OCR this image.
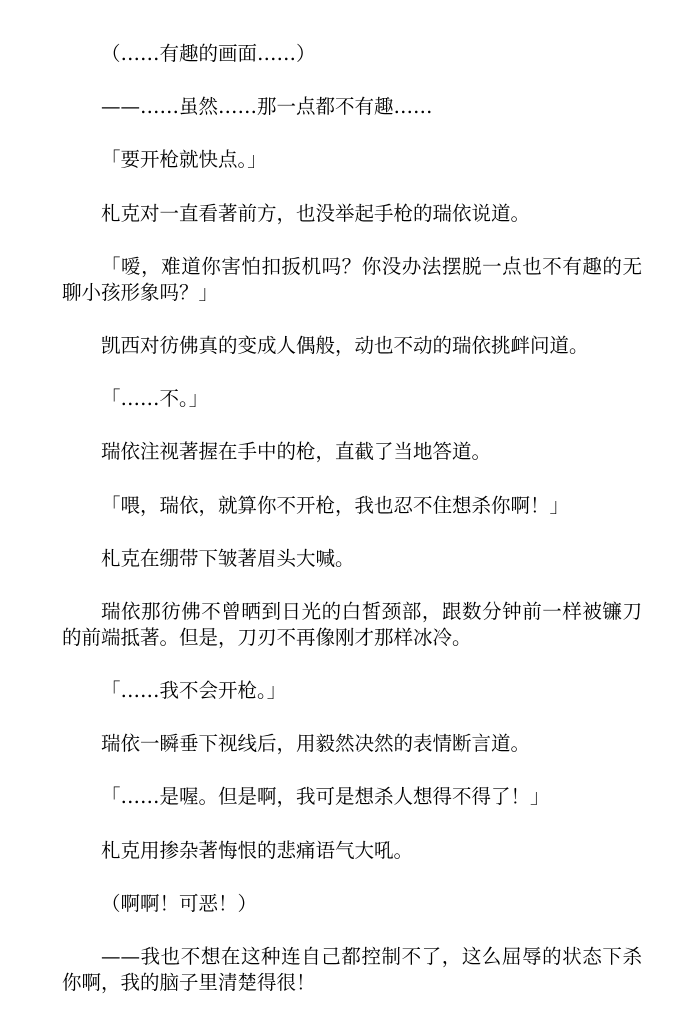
（……有趣的画面……）

——……虽然……那一点都不有趣……

「要开枪就快点。」

札克对一直看著前方，也没举起手枪的瑞依说道。

「嗳，难道你害怕扣扳机吗？你没办法摆脱一点也不有趣的无聊小孩形象吗？」

凯西对彷佛真的变成人偶般，动也不动的瑞依挑衅问道。

「……不。」

瑞依注视著握在手中的枪，直截了当地答道。

「喂，瑞依，就算你不开枪，我也忍不住想杀你啊！」

札克在绷带下皱著眉头大喊。

瑞依那彷佛不曾晒到日光的白皙颈部，跟数分钟前一样被镰刀的前端抵著。但是，刀刃不再像刚才那样冰冷。

「……我不会开枪。」

瑞依一瞬垂下视线后，用毅然决然的表情断言道。

「……是喔。但是啊，我可是想杀人想得不得了！」

札克用掺杂著悔恨的悲痛语气大吼。

（啊啊！可恶！）

——我也不想在这种连自己都控制不了，这么屈辱的状态下杀你啊，我的脑子里清楚得很！
